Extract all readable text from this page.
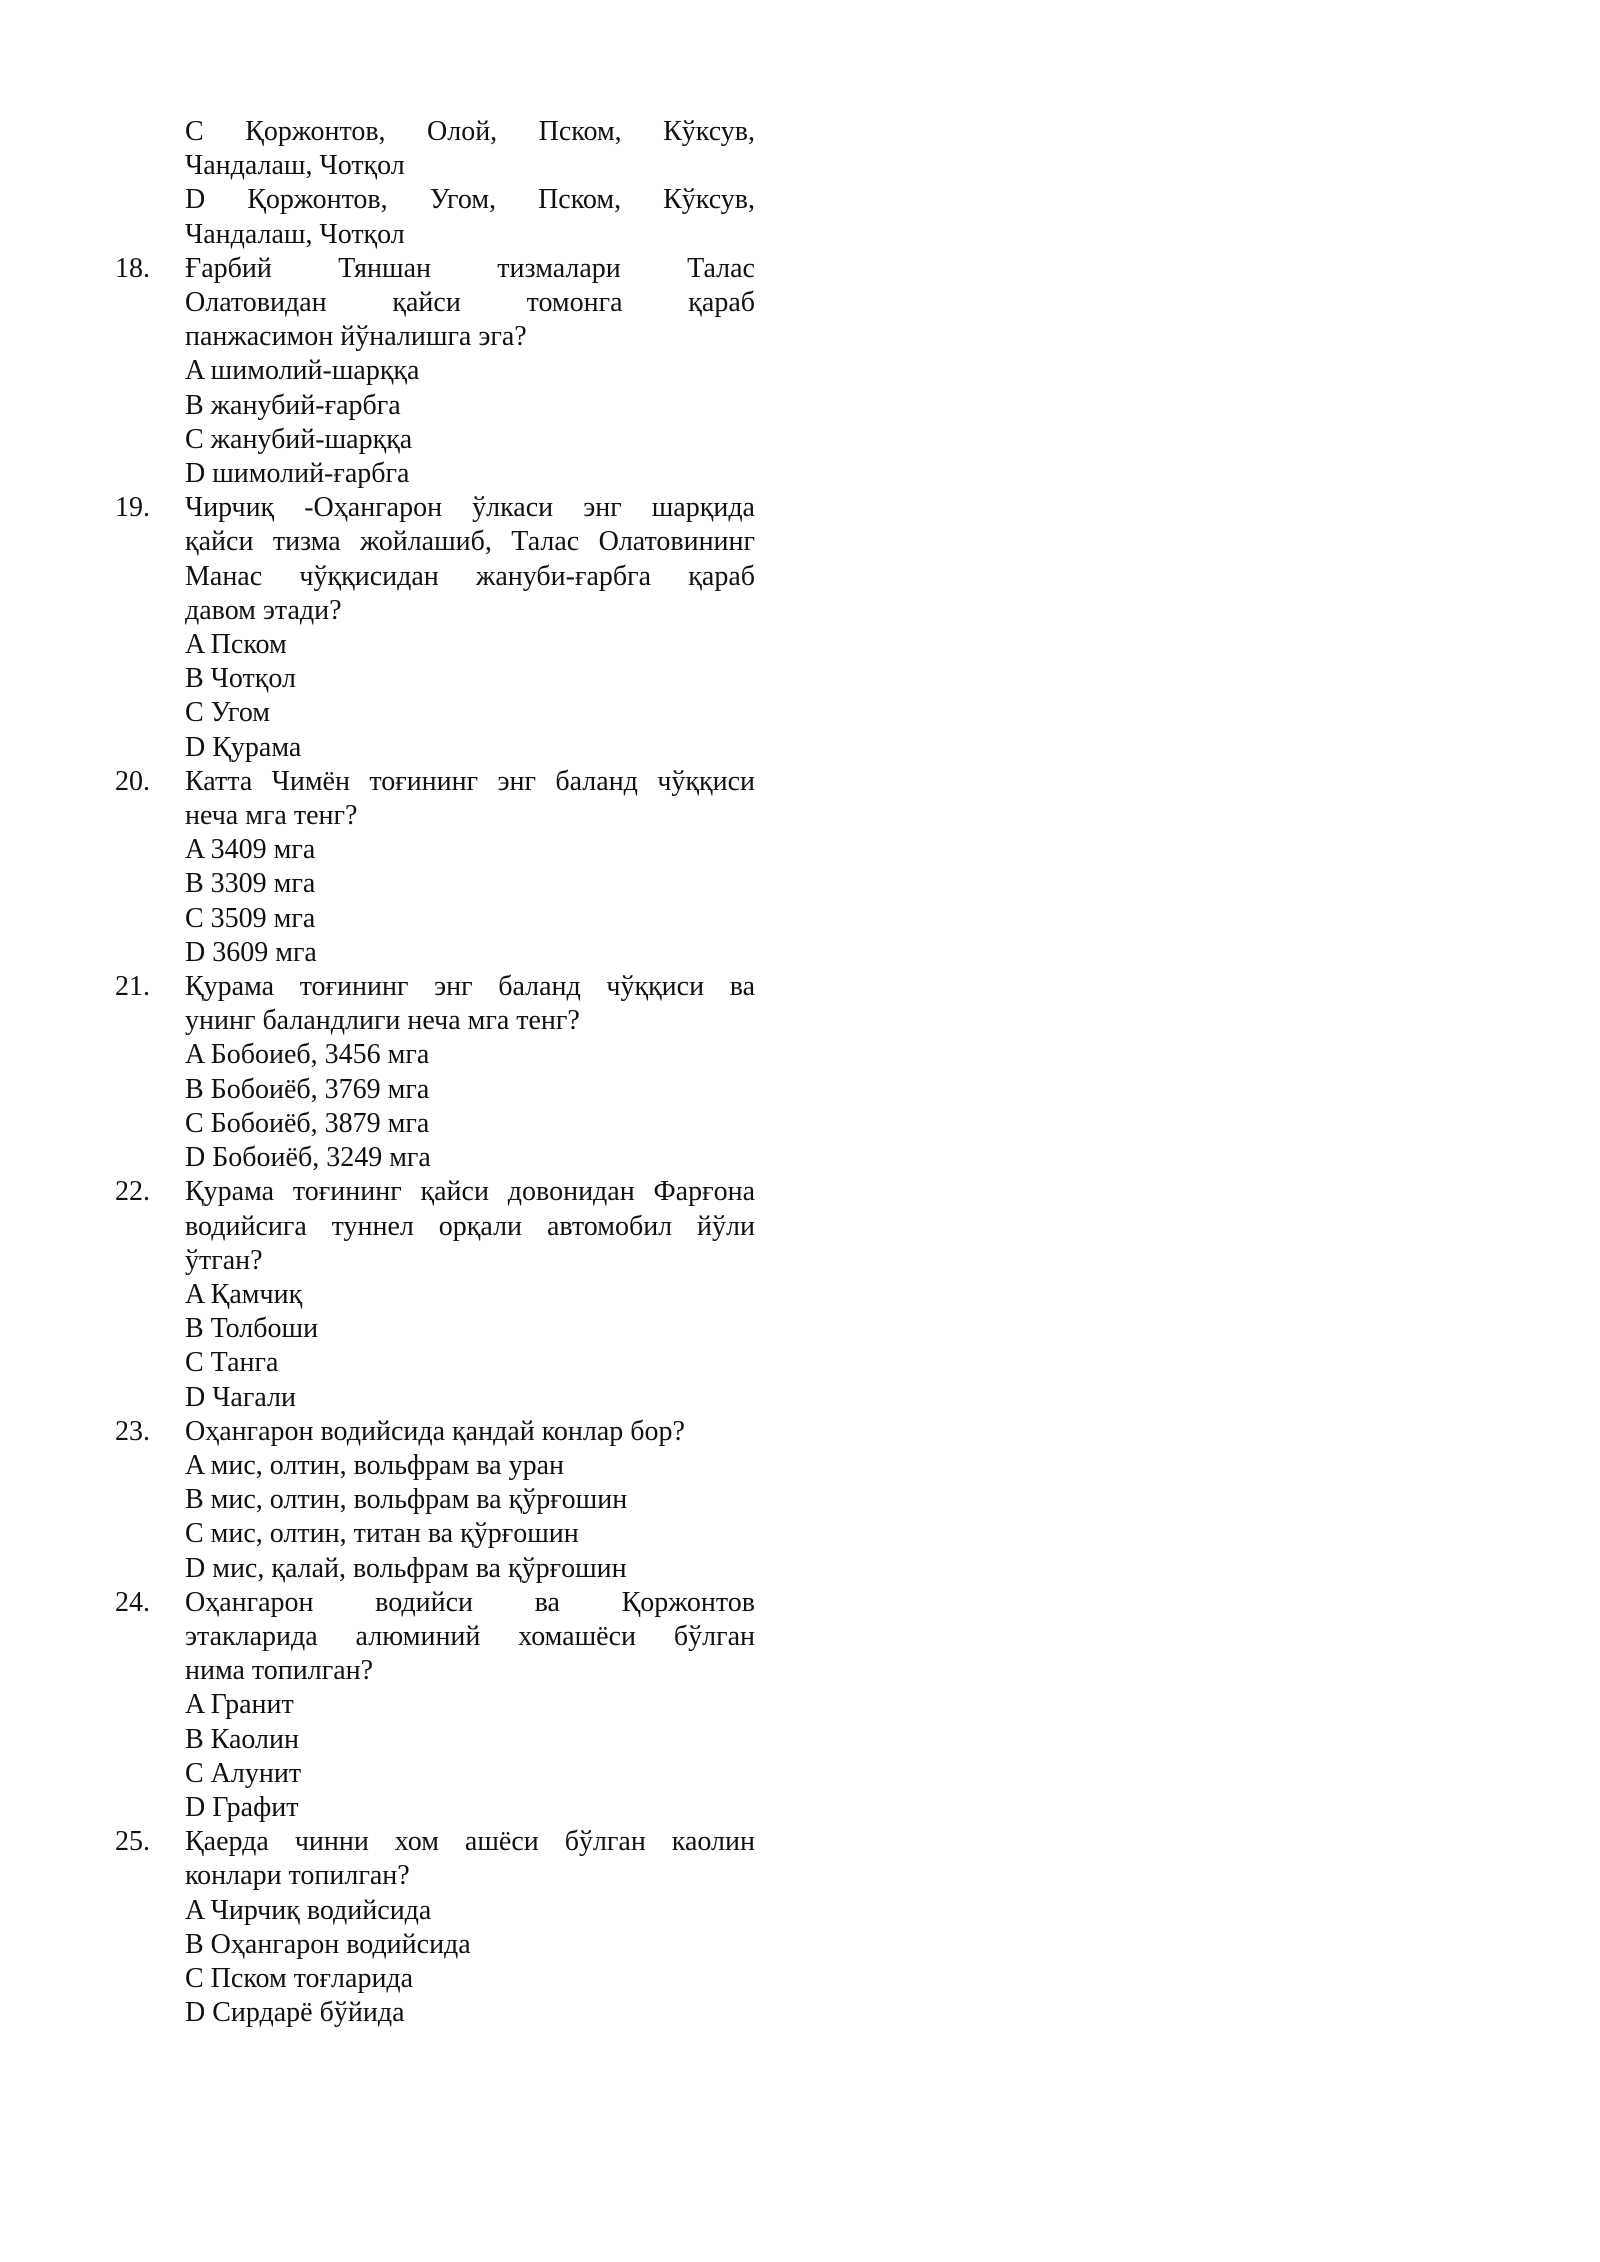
C Қоржонтов, Олой, Пском, Кўксув,
Чандалаш, Чотқол
D Қоржонтов, Угом, Пском, Кўксув,
Чандалаш, Чотқол
18.	Ғарбий Тяншан тизмалари Талас
Олатовидан қайси томонга қараб
панжасимон йўналишга эга?
A шимолий-шарққа
B жанубий-ғарбга
C жанубий-шарққа
D шимолий-ғарбга
19.	Чирчиқ -Оҳангарон ўлкаси энг шарқида
қайси тизма жойлашиб, Талас Олатовининг
Манас чўққисидан жануби-ғарбга қараб
давом этади?
A Пском
B Чотқол
C Угом
D Қурама
20.	Катта Чимён тоғининг энг баланд чўққиси
неча мга тенг?
A 3409 мга
B 3309 мга
C 3509 мга
D 3609 мга
21.	Қурама тоғининг энг баланд чўққиси ва
унинг баландлиги неча мга тенг?
A Бобоиеб, 3456 мга
B Бобоиёб, 3769 мга
C Бобоиёб, 3879 мга
D Бобоиёб, 3249 мга
22.	Қурама тоғининг қайси довонидан Фарғона
водийсига туннел орқали автомобил йўли
ўтган?
A Қамчиқ
B Толбоши
C Танга
D Чагали
23.	Оҳангарон водийсида қандай конлар бор?
A мис, олтин, вольфрам ва уран
B мис, олтин, вольфрам ва қўрғошин
C мис, олтин, титан ва қўрғошин
D мис, қалай, вольфрам ва қўрғошин
24.	Оҳангарон водийси ва Қоржонтов
этакларида алюминий хомашёси бўлган
нима топилган?
A Гранит
B Каолин
C Алунит
D Графит
25.	Қаерда чинни хом ашёси бўлган каолин
конлари топилган?
A Чирчиқ водийсида
B Оҳангарон водийсида
C Пском тоғларида
D Сирдарё бўйида
